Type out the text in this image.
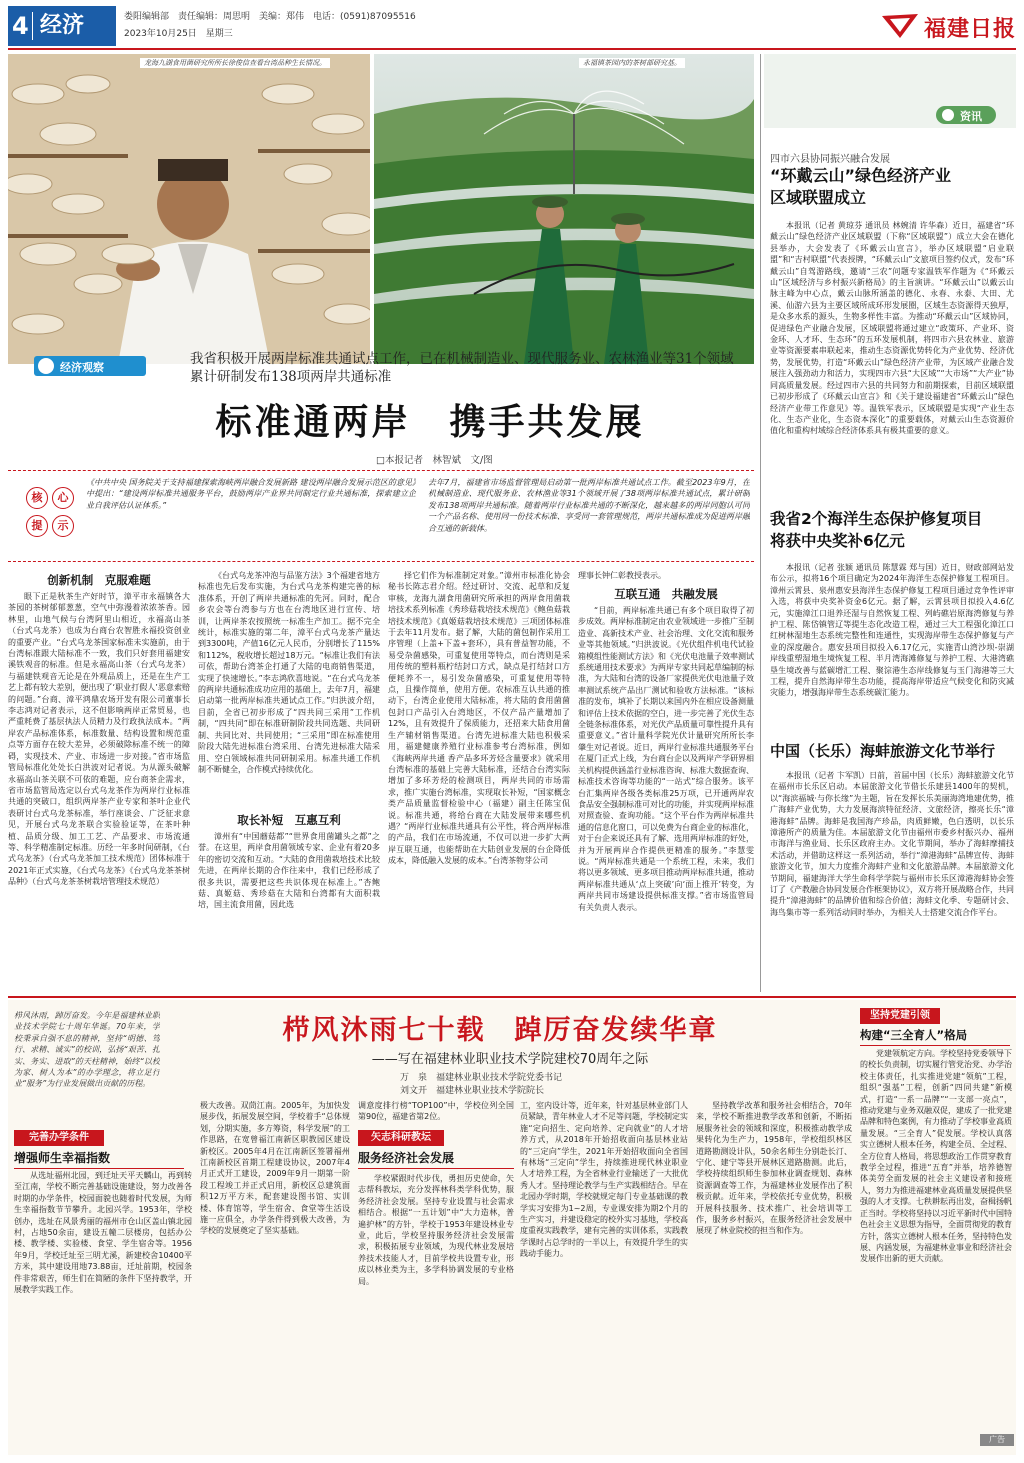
4 经济	娄阳编辑部　责任编辑：周思明　美编：郑伟　电话：(0591)87095516
2023年10月25日　星期三	福建日报
龙海九湖食用菌研究所所长徐俊信查看台湾品种生长情况。	永福镇茶园内的茶树部研究基。
经济观察
我省积极开展两岸标准共通试点工作，已在机械制造业、现代服务业、农林渔业等31个领域累计研制发布138项两岸共通标准
标准通两岸　携手共发展
□本报记者　林智斌　文/图
核	心
提	示
《中共中央 国务院关于支持福建探索海峡两岸融合发展新路 建设两岸融合发展示范区的意见》中提出：“建设两岸标准共通服务平台，鼓励两岸产业界共同制定行业共通标准，探索建立企业自我评估认证体系。”
去年7月，福建省市场监督管理局启动第一批两岸标准共通试点工作。截至2023年9月，在机械制造业、现代服务业、农林渔业等31个领域开展了38项两岸标准共通试点，累计研制发布138项两岸共通标准。随着两岸行业标准共通的不断深化，越来越多的两岸同胞认可同一个产品名称、使用同一份技术标准、享受同一套管理规范，两岸共通标准成为促进两岸融合互通的新载体。
创新机制　克服难题
眼下正是秋茶生产好时节，漳平市永福镇各大茶园的茶树郁郁葱葱，空气中弥漫着浓浓茶香。园林里，山地气候与台湾阿里山相近，永福高山茶（台式乌龙茶）也成为台商台农智胜永福投资创业的重要产业。“台式乌龙茶国家标准未实施前，由于台湾标准跟大陆标准不一致，我们只好套用福建安溪铁观音的标准。但是永福高山茶（台式乌龙茶）与福建铁观音无论是在外观品质上，还是在生产工艺上都有较大差别，便出现了‘职业打假人’恶意索赔的问题。”台商、漳平鸿鼎农场开发有限公司董事长李志鸿对记者表示，这不但影响两岸正常贸易，也严重耗费了基层执法人员精力及行政执法成本。“两岸农产品标准体系，标准数量、结构设置和规范重点等方面存在较大差异，必须破除标准不统一的障碍，实现技术、产业、市场进一步对接。”省市场监管局标准化处处长白洪波对记者说。为从源头破解永福高山茶关联不可依的难题，应台商茶企需求，省市场监管局选定以台式乌龙茶作为两岸行业标准共通的突破口，组织两岸茶产业专家和茶叶企业代表研讨台式乌龙茶标准，举行座谈会、广泛征求意见，开展台式乌龙茶联合实验验证等，在茶叶种植、品质分级、加工工艺、产品要求、市场流通等、科学精准制定标准。历经一年多时间研制，《台式乌龙茶》（台式乌龙茶加工技术规范）团体标准于2021年正式实施，《台式乌龙茶》《台式乌龙茶茶树品种》（台式乌龙茶茶树栽培管理技术规范）
《台式乌龙茶冲泡与品鉴方法》3个福建省地方标准也先后发布实施，为台式乌龙茶构建完善的标准体系，开创了两岸共通标准的先河。同时，配合乡农会等台湾参与方也在台湾地区进行宣传、培训，让两岸茶农按照统一标准生产加工。据不完全统计，标准实施的第二年，漳平台式乌龙茶产量达到3300吨，产值16亿元人民币，分别增长了115%和112%，税收增长超过18万元。“标准让我们有法可依，帮助台湾茶企打通了大陆的电商销售渠道，实现了快速增长。”李志鸿欣喜地说。“在台式乌龙茶的两岸共通标准成功应用的基础上，去年7月，福建启动第一批两岸标准共通试点工作。”归洪波介绍，目前，全省已初步形成了“四共同三采用”工作机制，“四共同”即在标准研制阶段共同选题、共同研制、共同比对、共同使用；“三采用”即在标准使用阶段大陆先进标准台湾采用、台湾先进标准大陆采用、空白领域标准共同研制采用。标准共通工作机制不断健全，合作模式持续优化。
取长补短　互惠互利
漳州有“中国蘑菇都”“世界食用菌罐头之都”之誉。在这里，两岸食用菌领域专家、企业有着20多年的密切交流和互动。“大陆的食用菌栽培技术比较先进，在两岸长期的合作往来中，我们已经形成了很多共识，需要把这些共识体现在标准上。”杏鲍菇、真姬菇、秀珍菇在大陆和台湾都有大面积栽培，国主流食用菌，因此选
择它们作为标准制定对象。”漳州市标准化协会秘书长陈志君介绍。经过研讨、交流、起草和反复审核，龙海九湖食用菌研究所承担的两岸食用菌栽培技术系列标准《秀珍菇栽培技术规范》《鲍鱼菇栽培技术规范》《真姬菇栽培技术规范》三项团体标准于去年11月发布。据了解，大陆的菌包制作采用工序管理（上盖+下盖+套环），具有普益智功能，不易受杂菌感染，可重复使用等特点，而台湾则是采用传统的塑料瓶柠结封口方式，缺点是打结封口方便耗养不一，易引发杂菌感染，可重复使用等特点，且操作简单，使用方便。农标准互认共通的推动下，台湾企业使用大陆标准，将大陆的食用菌菌包封口产品引入台湾地区，不仅产品产量增加了12%，且有效提升了保质能力，还招来大陆食用菌生产辅材销售渠道。台湾先进标准大陆也积极采用，福建健康养殖行业标准参考台湾标准，例如《海峡两岸共通 香产品多环芳烃含量要求》就采用台湾标准的基础上完善大陆标准，还结合台湾实际增加了多环芳烃的检测项目，两岸共同的市场需求，推广实施台湾标准，实现取长补短，“国家概念类产品质量监督检验中心（福建）副主任陈宝侃说。标准共通，将给台商在大陆发展带来哪些机遇？“两岸行业标准共通具有公平性，将合两岸标准的产品，我们在市场流通，不仅可以进一步扩大两岸互联互通，也能帮助在大陆创业发展的台企降低成本，降低融入发展的成本。”台湾茶物芽公司
理事长钟仁彰教授表示。
互联互通　共融发展
“目前，两岸标准共通已有多个项目取得了初步成效。两岸标准制定由农业领域进一步推广至制造业、高新技术产业、社会治理、文化交流和服务业等其他领域。”归洪波说。《光伏组件机电代试验箱模组性能测试方法》和《光伏电池量子效率测试系统通用技术要求》为两岸专家共同起草编制的标准，为大陆和台湾的设备厂家提供光伏电池量子效率测试系统产品出厂测试和验收方法标准。“该标准的发布，填补了长期以来国内外在相应设备测量和评估上技术依据的空白，进一步完善了光伏生态全链条标准体系，对光伏产品质量可靠性提升具有重要意义。”省计量科学院光伏计量研究所所长李肇生对记者说。近日，两岸行业标准共通服务平台在厦门正式上线，为台商台企以及两岸产学研界相关机构提供涵盖行业标准咨询、标准大数据查询、标准技术咨询等功能的“一站式”综合服务。该平台汇集两岸各级各类标准25万项，已开通两岸农食品安全强制标准可对比的功能，并实现两岸标准对照查验、查询功能。“这个平台作为两岸标准共通的信息化窗口，可以免费为台商企业的标准化，对于台企来说还具有了解、选用两岸标准的好处，并为开展两岸合作提供更精准的服务。”李慧雯说。“两岸标准共通是一个系统工程，未来，我们将以更多领域、更多项目推动两岸标准共通，推动两岸标准共通从‘点上突破’向‘面上推开’转变，为两岸共同市场建设提供标准支撑。”省市场监管局有关负责人表示。
资讯
四市六县协同振兴融合发展
“环戴云山”绿色经济产业
区域联盟成立
本报讯（记者 黄琼芬 通讯员 林婉清 许华森）近日，福建省“环戴云山”绿色经济产业区域联盟（下称“区域联盟”）成立大会在德化县举办，大会发表了《环戴云山宣言》，举办区域联盟“启业联盟”和“吉村联盟”代表授牌，“环戴云山”文旅项目签约仪式，发布“环戴云山”自驾游路线，邀请“三农”问题专家温铁军作题为《“环戴云山”区域经济与乡村振兴新格局》的主旨演讲。“环戴云山”以戴云山脉主峰为中心点，戴云山脉所涵盖的德化、永春、永泰、大田、尤溪、仙游六县为主要区域所成环形发展圈，区域生态资源得天独厚，是众多水系的源头，生物多样性丰富。为推动“环戴云山”区域协同，促进绿色产业融合发展，区域联盟将通过建立“政策环、产业环、资金环、人才环、生态环”的五环发展机制，将四市六县农林业、旅游业等资源要素串联起来，推动生态资源优势转化为产业优势、经济优势，发展优势，打造“环戴云山”绿色经济产业带，为区域产业融合发展注入强劲动力和活力，实现四市六县“大区域”“大市场”“大产业”协同高质量发展。经过四市六县的共同努力和前期探索，目前区域联盟已初步形成了《环戴云山宣言》和《关于建设福建省“环戴云山”绿色经济产业带工作意见》等。温铁军表示，区域联盟是实现“产业生态化、生态产业化，生态资本深化”的重要载体，对戴云山生态资源价值化和重构村域综合经济体系具有极其重要的意义。
我省2个海洋生态保护修复项目
将获中央奖补6亿元
本报讯（记者 张颖 通讯员 陈慧霖 郑与国）近日，财政部网站发布公示，拟将16个项目确定为2024年海洋生态保护修复工程项目。漳州云霄县、泉州惠安县海洋生态保护修复工程项目通过竞争性评审入选，将获中央奖补资金6亿元。据了解，云霄县项目拟投入4.6亿元，实施漳江口退养还湿与自然恢复工程、列屿礁岩原海湾修复与养护工程、陈岱镇管辽等提生态化改造工程，通过三大工程强化漳江口红树林湿地生态系统完整性和连通性，实现海岸带生态保护修复与产业的深度融合。惠安县项目拟投入6.17亿元，实施青山湾沙坝-崇湖岸线重塑湿地生境恢复工程、半月湾海滩修复与养护工程、大港湾礁垦生境改善与蓝碳增汇工程、聚淙港生态岸线修复与玉门海港等三大工程，提升自然海岸带生态功能，提高海岸带适应气候变化和防灾减灾能力，增强海岸带生态系统碳汇能力。
中国（长乐）海蚌旅游文化节举行
本报讯（记者 卞军凯）日前，首届中国（长乐）海蚌旅游文化节在福州市长乐区启动。本届旅游文化节借长乐建县1400年的契机，以“海滨福城·与你长缘”为主题，旨在发挥长乐美丽海湾地建优势，推广海蚌产业优势，大力发展海滨特征经济、文旅经济，擦亮长乐“漳港海蚌”品牌。海蚌是我国海产珍品，肉质鲜嫩，色白透明，以长乐漳港所产的质量为佳。本届旅游文化节由福州市委乡村振兴办、福州市海洋与渔业局、长乐区政府主办。文化节期间，举办了海蚌摩捕技术活动，并借助这样这一系列活动，举行“漳港海蚌”品牌宣传、海蚌旅游文化节，加大力度推介海蚌产业和文化旅游品牌。本届旅游文化节期间，福建海洋大学生命科学学院与福州市长乐区漳港海蚌协会签订了《产教融合协同发展合作框架协议》，双方将开展战略合作，共同提升“漳港海蚌”的品牌价值和综合价值；海蚌文化季、专题研讨会、海鸟集市等一系列活动同时举办，为相关人士搭建交流合作平台。
栉风沐雨，踔厉奋发。今年是福建林业职业技术学院七十周年华诞。70年来，学校秉承自强不息的精神，坚持“明德、笃行、求精、诚实”的校训，弘扬“艰苦、扎实、务实、进取”的天柱精神，始终“以校为家、树人为本”的办学理念，将立足行业“服务”为行业发展做出贡献的历程。
栉风沐雨七十载　踔厉奋发续华章
——写在福建林业职业技术学院建校70周年之际
万　泉　福建林业职业技术学院党委书记
刘文开　福建林业职业技术学院院长
完善办学条件
增强师生幸福指数
从选址福州北园，到迁址天平天麟山，再到转至江南，学校不断完善基础设施建设，努力改善各时期的办学条件，校园面貌也随着时代发展，为师生幸福指数节节攀升。北园兴学。1953年，学校创办，选址在风景秀丽的福州市仓山区盖山镇北园村，占地50余亩，建设五幢二层楼房，包括办公楼、教学楼、实验楼、食堂、学生宿舍等。1956年9月，学校迁址至三明尤溪，新建校舍10400平方米，其中建设用地73.88亩，迁址前期，校园条件非常艰苦，师生们在简陋的条件下坚持教学，开展教学实践工作。
极大改善。双茼江南。2005年，为加快发展步伐，拓展发展空间，学校着手“总体规划，分期实施，多方筹资，科学发展”的工作思路，在宽曾福江南新区职教园区建设新校区。2005年4月在江南新区签署福州江南新校区首期工程建设协议，2007年4月正式开工建设，2009年9月一期第一阶段工程竣工并正式启用，新校区总建筑面积12万平方米，配套建设图书馆、实训楼、体育馆等，学生宿舍、食堂等生活设施一应俱全，办学条件得到极大改善，为学校的发展奠定了坚实基础。
调意度排行榜“TOP100”中，学校位列全国第90位，福建省第2位。
矢志科研教坛
服务经济社会发展
学校紧跟时代步伐，勇担历史使命，矢志帮科教坛，充分发挥林科类学科优势，服务经济社会发展。坚持专业设置与社会需求相结合。根据“一五计划”中“大力造林，普遍护林”的方针，学校于1953年建设林业专业，此后，学校坚持服务经济社会发展需求，积极拓展专业领域，为现代林业发展培养技术技能人才，目前学校共设置专业，形成以林业类为主，多学科协调发展的专业格局。
工，室内设计等，近年来，针对基层林业部门人员紧缺，青年林业人才不足等问题，学校制定实施“定向招生、定向培养、定向就业”的人才培养方式，从2018年开始招收面向基层林业站的“三定向”学生，2021年开始招收面向全省国有林场“三定向”学生，持续推进现代林业职业人才培养工程，为全省林业行业输送了一大批优秀人才。坚持理论教学与生产实践相结合。早在北园办学时期，学校就规定每门专业基础课的教学实习安排为1~2周，专业课安排为期2个月的生产实习，并建设稳定的校外实习基地，学校高度重视实践教学，建有完善的实训体系，实践教学课时占总学时的一半以上，有效提升学生的实践动手能力。
坚持教学改革和服务社会相结合，70年来，学校不断推进教学改革和创新，不断拓展服务社会的领域和深度，积极推动教学成果转化为生产力，1958年，学校组织林区道路勘测设计队，50余名师生分别赴长汀、宁化、建宁等县开展林区道路勘测。此后，学校持续组织师生参加林业调查规划、森林资源调查等工作，为福建林业发展作出了积极贡献。近年来，学校依托专业优势，积极开展科技服务、技术推广、社会培训等工作，服务乡村振兴，在服务经济社会发展中展现了林业院校的担当和作为。
坚持党建引领
构建“三全育人”格局
党建领航定方向。学校坚持党委领导下的校长负责制，切实履行管党治党、办学治校主体责任，扎实推进党建“领航”工程，组织“强基”工程，创新“四同共建”新模式，打造“一系一品牌”“一支部一亮点”，推动党建与业务双融双促，建成了一批党建品牌和特色案例，有力推动了学校事业高质量发展。“三全育人”促发展。学校认真落实立德树人根本任务，构建全员、全过程、全方位育人格局，将思想政治工作贯穿教育教学全过程，推进“五育”并举，培养德智体美劳全面发展的社会主义建设者和接班人，努力为推进福建林业高质量发展提供坚强的人才支撑。七秩耕耘再出发，奋楫扬帆正当时。学校将坚持以习近平新时代中国特色社会主义思想为指导，全面贯彻党的教育方针，落实立德树人根本任务，坚持特色发展、内涵发展，为福建林业事业和经济社会发展作出新的更大贡献。
广告
